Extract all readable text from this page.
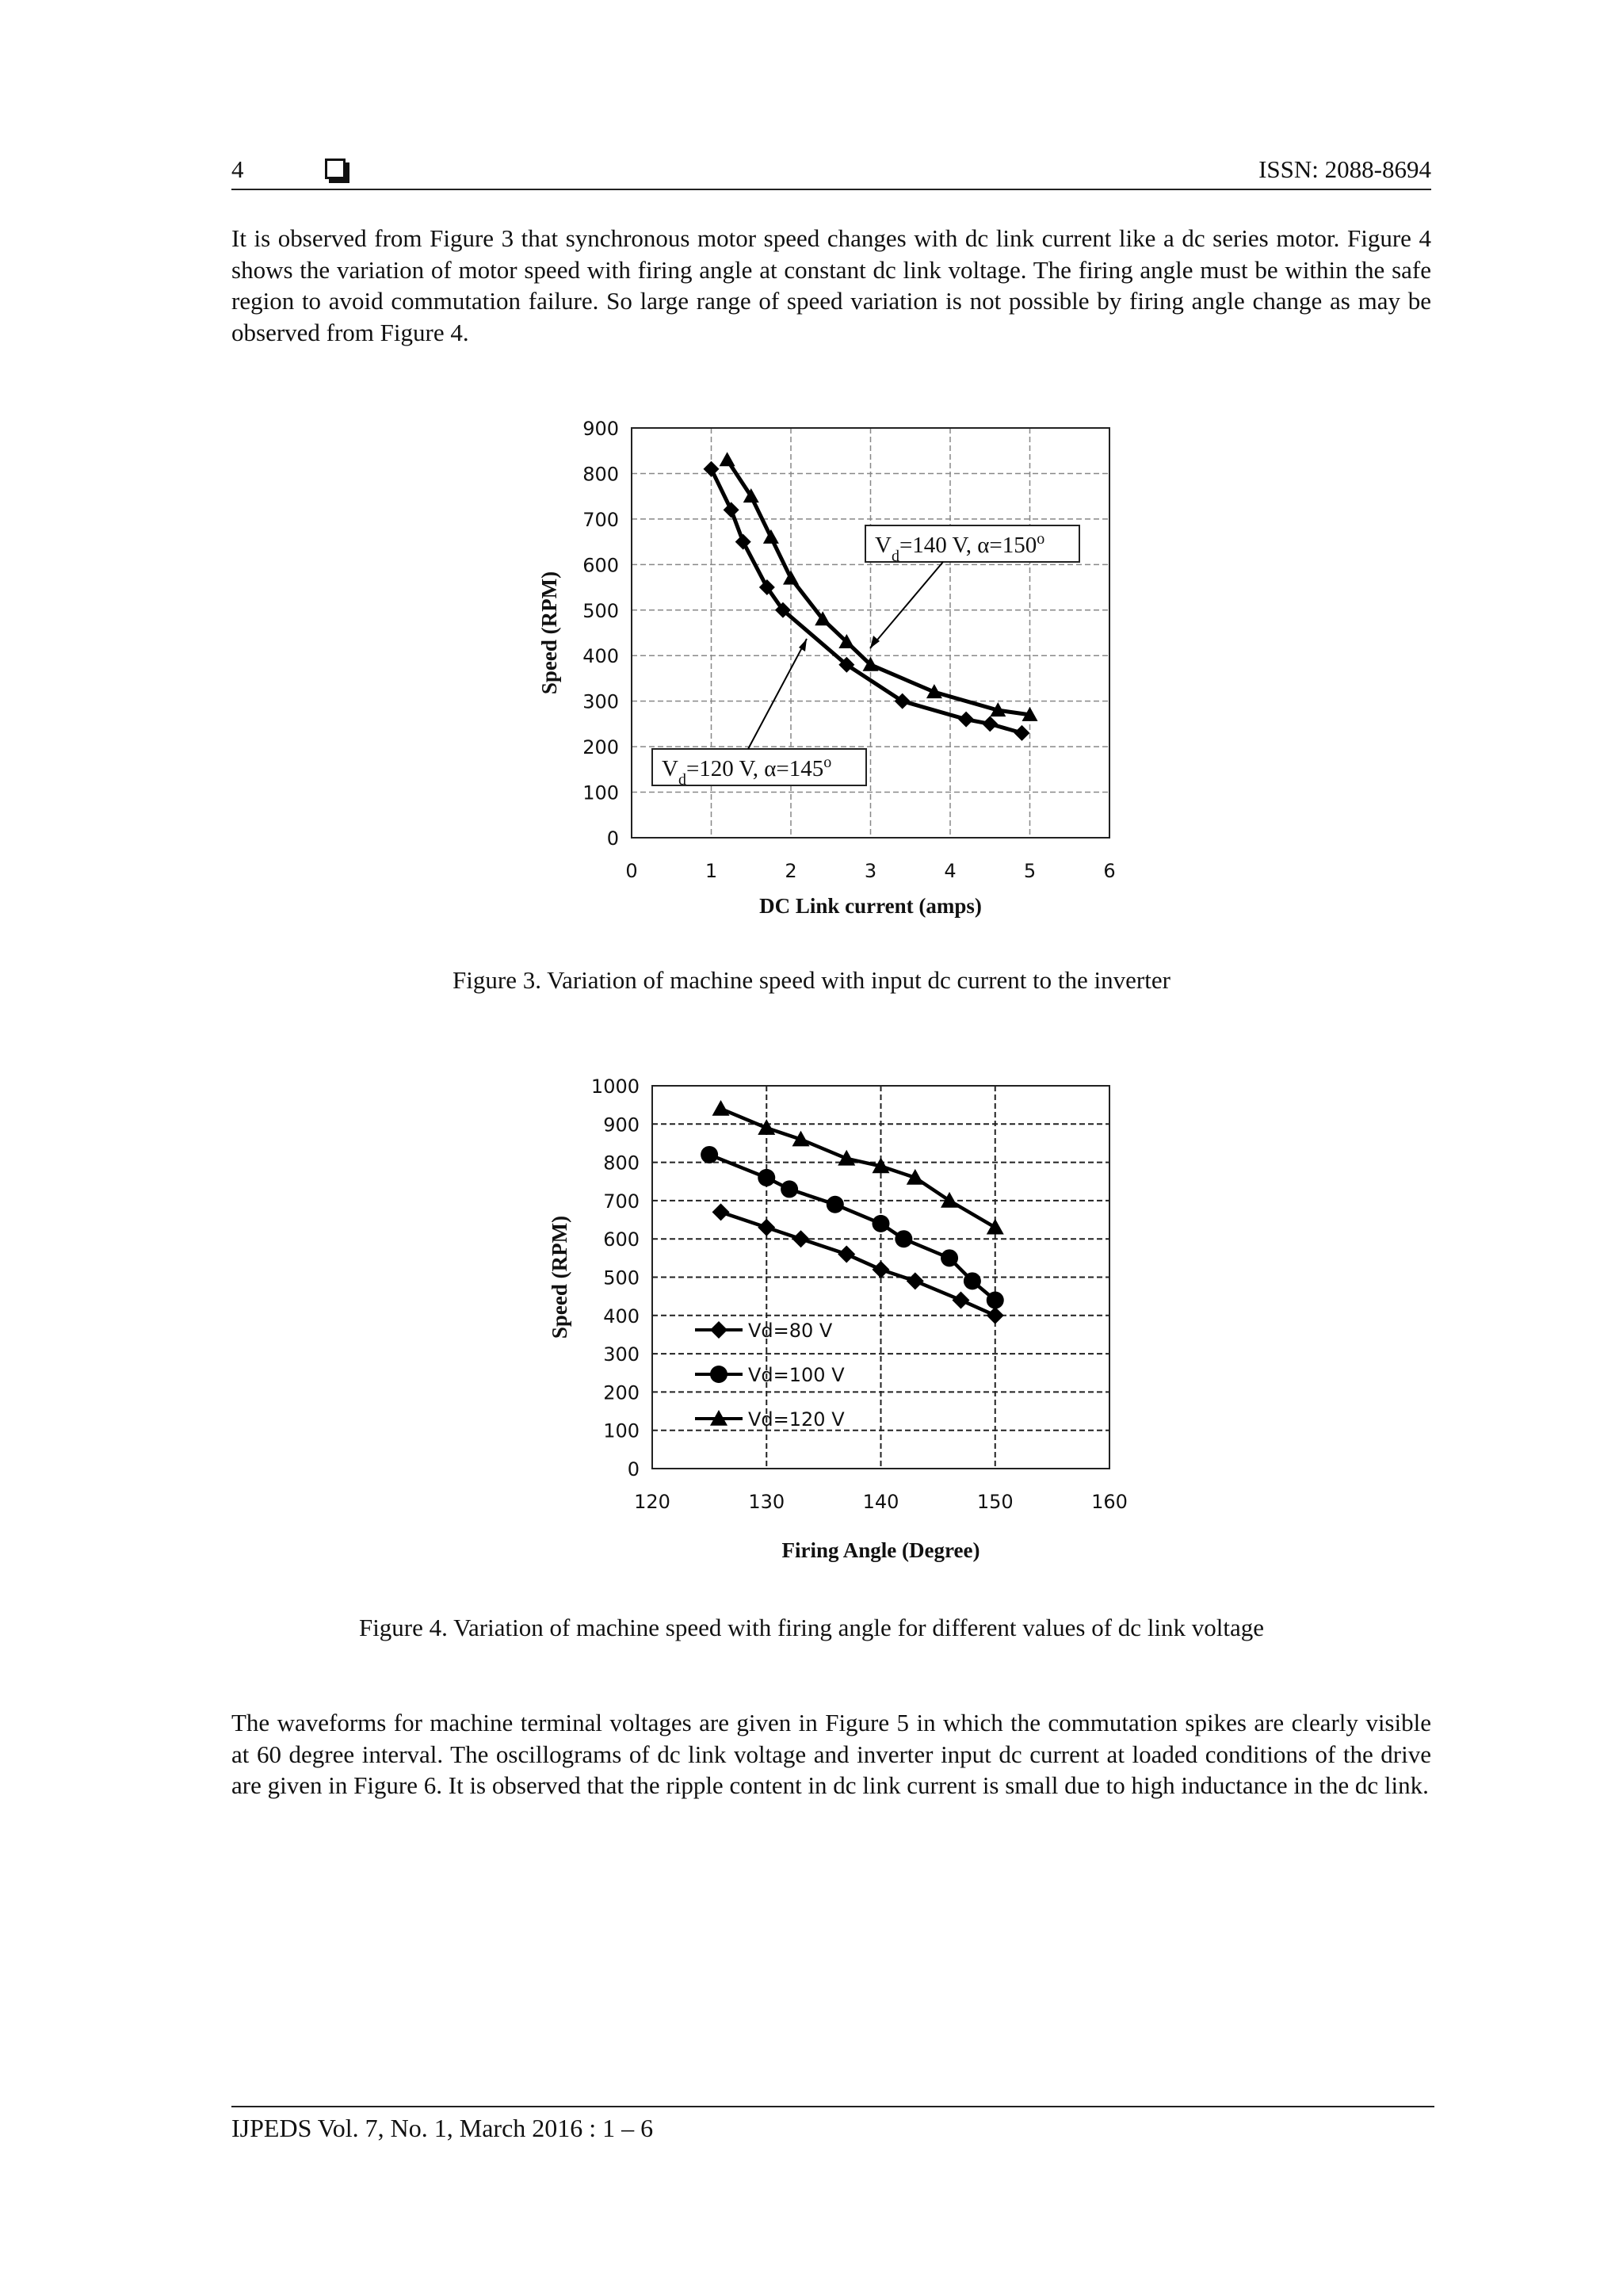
4	ISSN: 2088-8694

It is observed from Figure 3 that synchronous motor speed changes with dc link current like a dc series motor. Figure 4 shows the variation of motor speed with firing angle at constant dc link voltage. The firing angle must be within the safe region to avoid commutation failure. So large range of speed variation is not possible by firing angle change as may be observed from Figure 4.

0	1	2	3	4	5	6
0
100
200
300
400
500
600
700
800
900
DC Link current (amps)
Speed (RPM)
$V_d=140$ V, $\alpha=150^o$
$V_d=120$ V, $\alpha=145^o$
Figure 3. Variation of machine speed with input dc current to the inverter
120	130	140	150	160
0
100
200
300
400
500
600
700
800
900
1000
Firing Angle (Degree)
Speed (RPM)	Vd=80 V
Vd=100 V
Vd=120 V
Figure 4. Variation of machine speed with firing angle for different values of dc link voltage

The waveforms for machine terminal voltages are given in Figure 5 in which the commutation spikes are clearly visible at 60 degree interval. The oscillograms of dc link voltage and inverter input dc current at loaded conditions of the drive are given in Figure 6. It is observed that the ripple content in dc link current is small due to high inductance in the dc link.

IJPEDS Vol. 7, No. 1, March 2016 : 1 – 6
